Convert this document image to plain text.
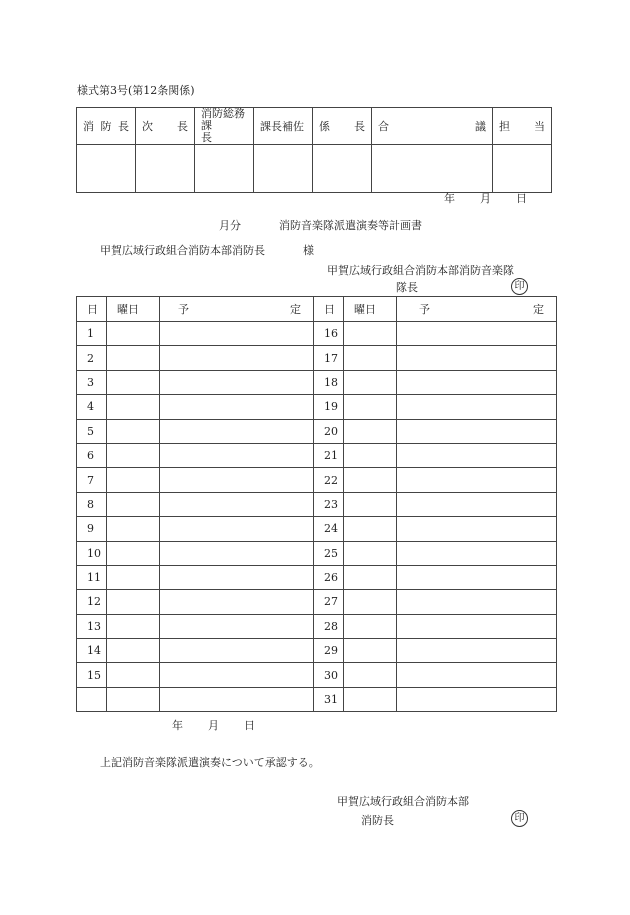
様式第3号(第12条関係)
消 防 長	次 長	消防総務
課
長	課長補佐	係 長	合 議	担 当

年 月 日
月分	消防音楽隊派遣演奏等計画書
甲賀広域行政組合消防本部消防長	様
甲賀広域行政組合消防本部消防音楽隊
隊長	印
日	曜日	予 定	日	曜日	予 定

1			16		
2			17		
3			18		
4			19		
5			20		
6			21		
7			22		
8			23		
9			24		
10			25		
11			26		
12			27		
13			28		
14			29		
15			30		
			31		
年 月 日
上記消防音楽隊派遣演奏について承認する。
甲賀広域行政組合消防本部
消防長	印
